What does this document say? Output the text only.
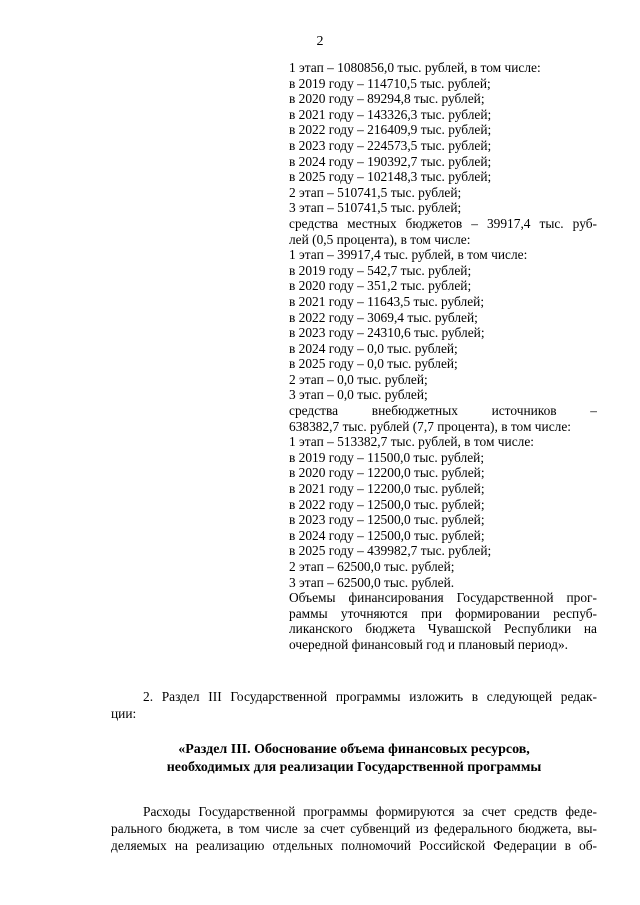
2
1 этап – 1080856,0 тыс. рублей, в том числе:
в 2019 году – 114710,5 тыс. рублей;
в 2020 году – 89294,8 тыс. рублей;
в 2021 году – 143326,3 тыс. рублей;
в 2022 году – 216409,9 тыс. рублей;
в 2023 году – 224573,5 тыс. рублей;
в 2024 году – 190392,7 тыс. рублей;
в 2025 году – 102148,3 тыс. рублей;
2 этап – 510741,5 тыс. рублей;
3 этап – 510741,5 тыс. рублей;
средства местных бюджетов – 39917,4 тыс. руб-
лей (0,5 процента), в том числе:
1 этап – 39917,4 тыс. рублей, в том числе:
в 2019 году – 542,7 тыс. рублей;
в 2020 году – 351,2 тыс. рублей;
в 2021 году – 11643,5 тыс. рублей;
в 2022 году – 3069,4 тыс. рублей;
в 2023 году – 24310,6 тыс. рублей;
в 2024 году – 0,0 тыс. рублей;
в 2025 году – 0,0 тыс. рублей;
2 этап – 0,0 тыс. рублей;
3 этап – 0,0 тыс. рублей;
средства внебюджетных источников –
638382,7 тыс. рублей (7,7 процента), в том числе:
1 этап – 513382,7 тыс. рублей, в том числе:
в 2019 году – 11500,0 тыс. рублей;
в 2020 году – 12200,0 тыс. рублей;
в 2021 году – 12200,0 тыс. рублей;
в 2022 году – 12500,0 тыс. рублей;
в 2023 году – 12500,0 тыс. рублей;
в 2024 году – 12500,0 тыс. рублей;
в 2025 году – 439982,7 тыс. рублей;
2 этап – 62500,0 тыс. рублей;
3 этап – 62500,0 тыс. рублей.
Объемы финансирования Государственной прог-
раммы уточняются при формировании респуб-
ликанского бюджета Чувашской Республики на
очередной финансовый год и плановый период».
2. Раздел III Государственной программы изложить в следующей редак-
ции:
«Раздел III. Обоснование объема финансовых ресурсов,
необходимых для реализации Государственной программы
Расходы Государственной программы формируются за счет средств феде-
рального бюджета, в том числе за счет субвенций из федерального бюджета, вы-
деляемых на реализацию отдельных полномочий Российской Федерации в об-
